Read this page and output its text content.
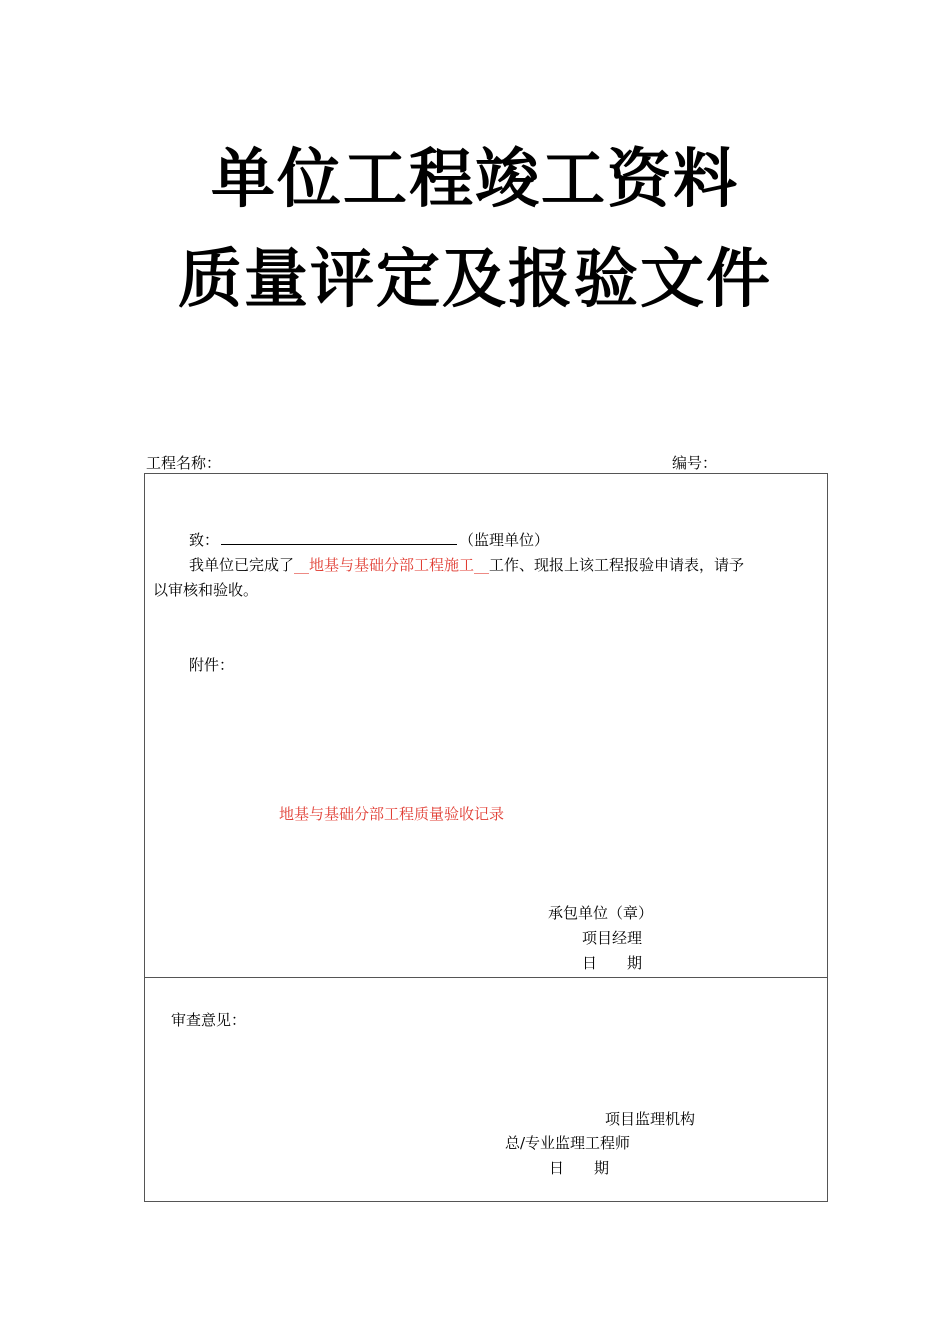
单位工程竣工资料
质量评定及报验文件
工程名称：	编号：
致：	（监理单位）
我单位已完成了__地基与基础分部工程施工__工作、现报上该工程报验申请表，请予
以审核和验收。
附件：
地基与基础分部工程质量验收记录
承包单位（章）
项目经理
日　　期
审查意见：
项目监理机构
总/专业监理工程师
日　　期
